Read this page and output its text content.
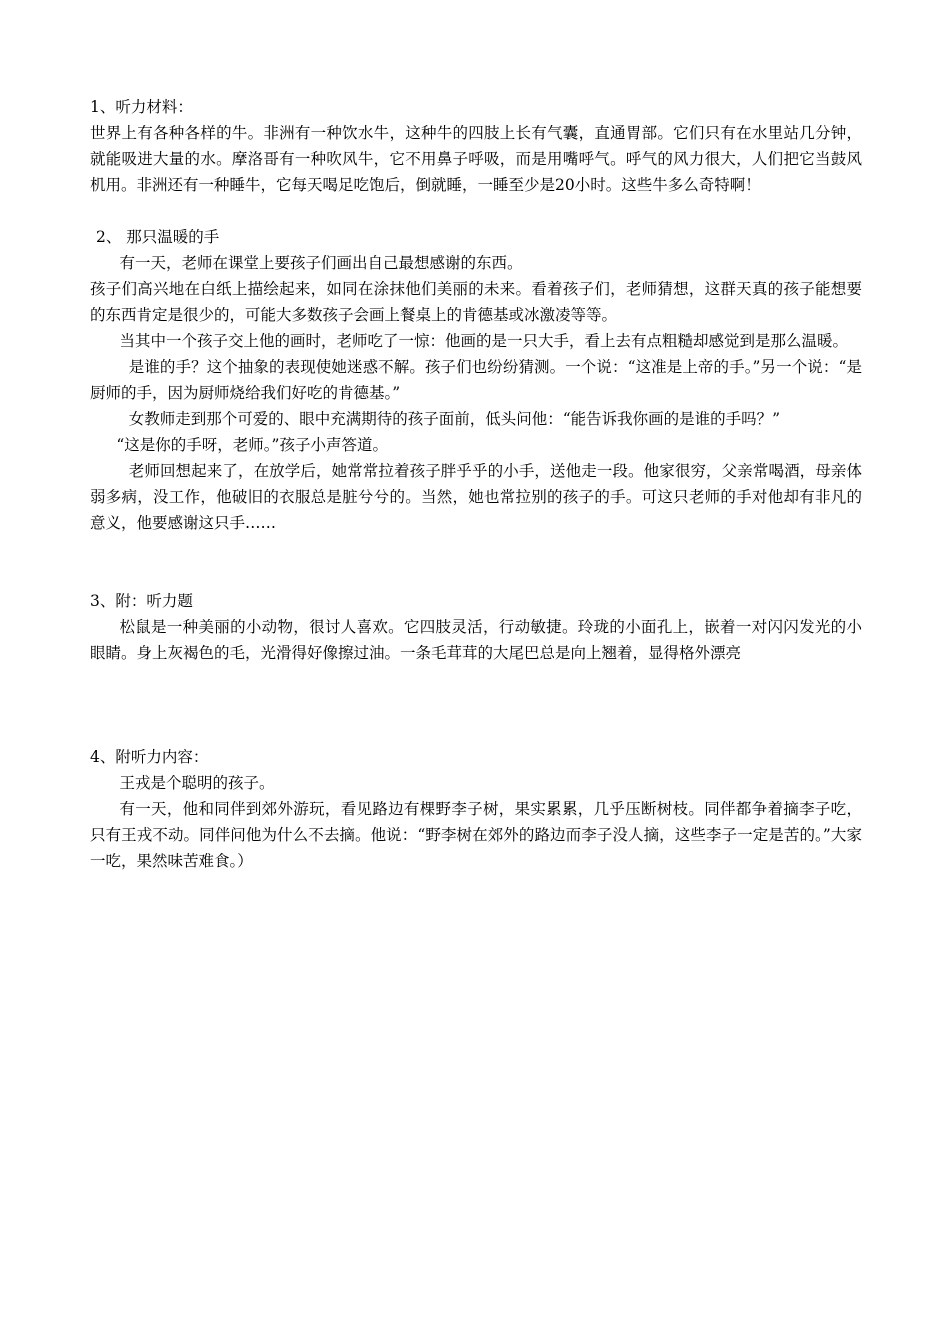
1、听力材料：

世界上有各种各样的牛。非洲有一种饮水牛，这种牛的四肢上长有气囊，直通胃部。它们只有在水里站几分钟，就能吸进大量的水。摩洛哥有一种吹风牛，它不用鼻子呼吸，而是用嘴呼气。呼气的风力很大，人们把它当鼓风机用。非洲还有一种睡牛，它每天喝足吃饱后，倒就睡，一睡至少是20小时。这些牛多么奇特啊！

2、 那只温暖的手

有一天，老师在课堂上要孩子们画出自己最想感谢的东西。

孩子们高兴地在白纸上描绘起来，如同在涂抹他们美丽的未来。看着孩子们，老师猜想，这群天真的孩子能想要的东西肯定是很少的，可能大多数孩子会画上餐桌上的肯德基或冰激凌等等。

当其中一个孩子交上他的画时，老师吃了一惊：他画的是一只大手，看上去有点粗糙却感觉到是那么温暖。

是谁的手？这个抽象的表现使她迷惑不解。孩子们也纷纷猜测。一个说：“这准是上帝的手。”另一个说：“是厨师的手，因为厨师烧给我们好吃的肯德基。”

女教师走到那个可爱的、眼中充满期待的孩子面前，低头问他：“能告诉我你画的是谁的手吗？”

“这是你的手呀，老师。”孩子小声答道。

老师回想起来了，在放学后，她常常拉着孩子胖乎乎的小手，送他走一段。他家很穷，父亲常喝酒，母亲体弱多病，没工作，他破旧的衣服总是脏兮兮的。当然，她也常拉别的孩子的手。可这只老师的手对他却有非凡的意义，他要感谢这只手……

3、附：听力题

松鼠是一种美丽的小动物，很讨人喜欢。它四肢灵活，行动敏捷。玲珑的小面孔上，嵌着一对闪闪发光的小眼睛。身上灰褐色的毛，光滑得好像擦过油。一条毛茸茸的大尾巴总是向上翘着，显得格外漂亮

4、附听力内容：

王戎是个聪明的孩子。

有一天，他和同伴到郊外游玩，看见路边有棵野李子树，果实累累，几乎压断树枝。同伴都争着摘李子吃，只有王戎不动。同伴问他为什么不去摘。他说：“野李树在郊外的路边而李子没人摘，这些李子一定是苦的。”大家一吃，果然味苦难食。）
